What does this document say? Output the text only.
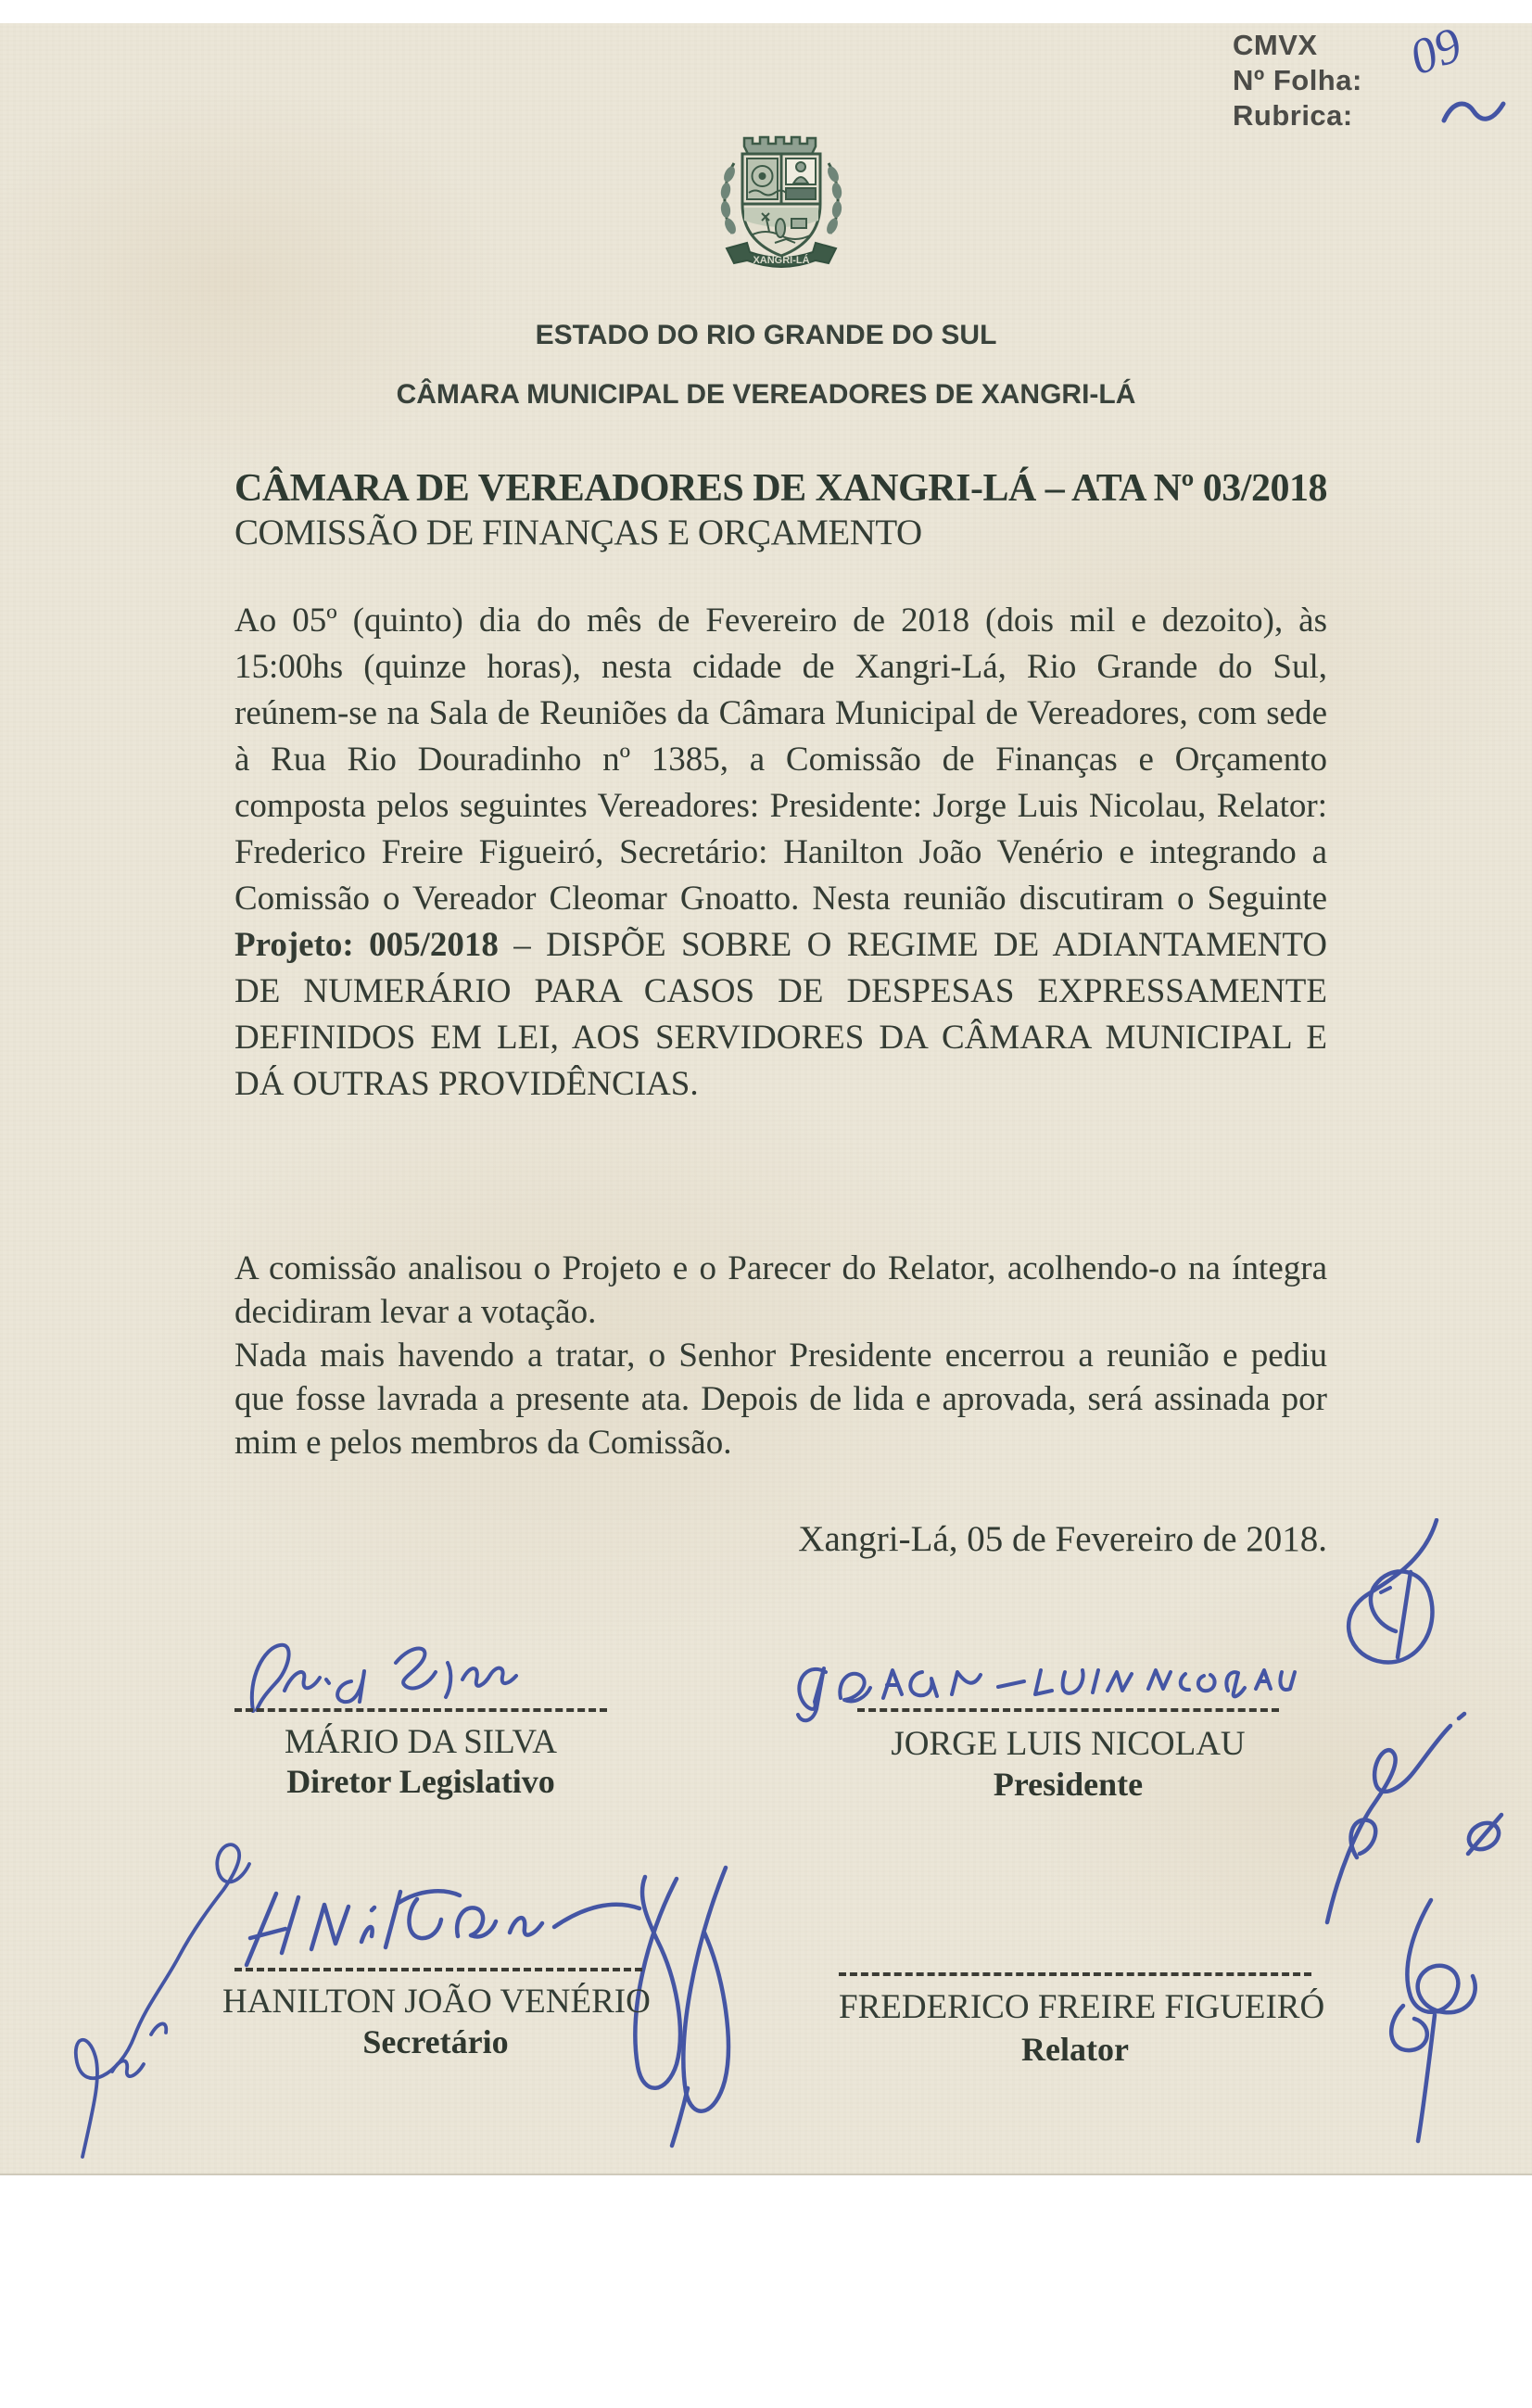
CMVX
Nº Folha:
Rubrica:
09
XANGRI-LÁ
ESTADO DO RIO GRANDE DO SUL
CÂMARA MUNICIPAL DE VEREADORES DE XANGRI-LÁ
CÂMARA DE VEREADORES DE XANGRI-LÁ – ATA Nº 03/2018
COMISSÃO DE FINANÇAS E ORÇAMENTO
Ao 05º (quinto) dia do mês de Fevereiro de 2018 (dois mil e dezoito), às 15:00hs (quinze horas), nesta cidade de Xangri-Lá, Rio Grande do Sul, reúnem-se na Sala de Reuniões da Câmara Municipal de Vereadores, com sede à Rua Rio Douradinho nº 1385, a Comissão de Finanças e Orçamento composta pelos seguintes Vereadores: Presidente: Jorge Luis Nicolau, Relator: Frederico Freire Figueiró, Secretário: Hanilton João Venério e integrando a Comissão o Vereador Cleomar Gnoatto. Nesta reunião discutiram o Seguinte Projeto: 005/2018 – DISPÕE SOBRE O REGIME DE ADIANTAMENTO DE NUMERÁRIO PARA CASOS DE DESPESAS EXPRESSAMENTE DEFINIDOS EM LEI, AOS SERVIDORES DA CÂMARA MUNICIPAL E DÁ OUTRAS PROVIDÊNCIAS.
A comissão analisou o Projeto e o Parecer do Relator, acolhendo-o na íntegra decidiram levar a votação.
Nada mais havendo a tratar, o Senhor Presidente encerrou a reunião e pediu que fosse lavrada a presente ata. Depois de lida e aprovada, será assinada por mim e pelos membros da Comissão.
Xangri-Lá, 05 de Fevereiro de 2018.
MÁRIO DA SILVA
Diretor Legislativo
JORGE LUIS NICOLAU
Presidente
HANILTON JOÃO VENÉRIO
Secretário
FREDERICO FREIRE FIGUEIRÓ
Relator
